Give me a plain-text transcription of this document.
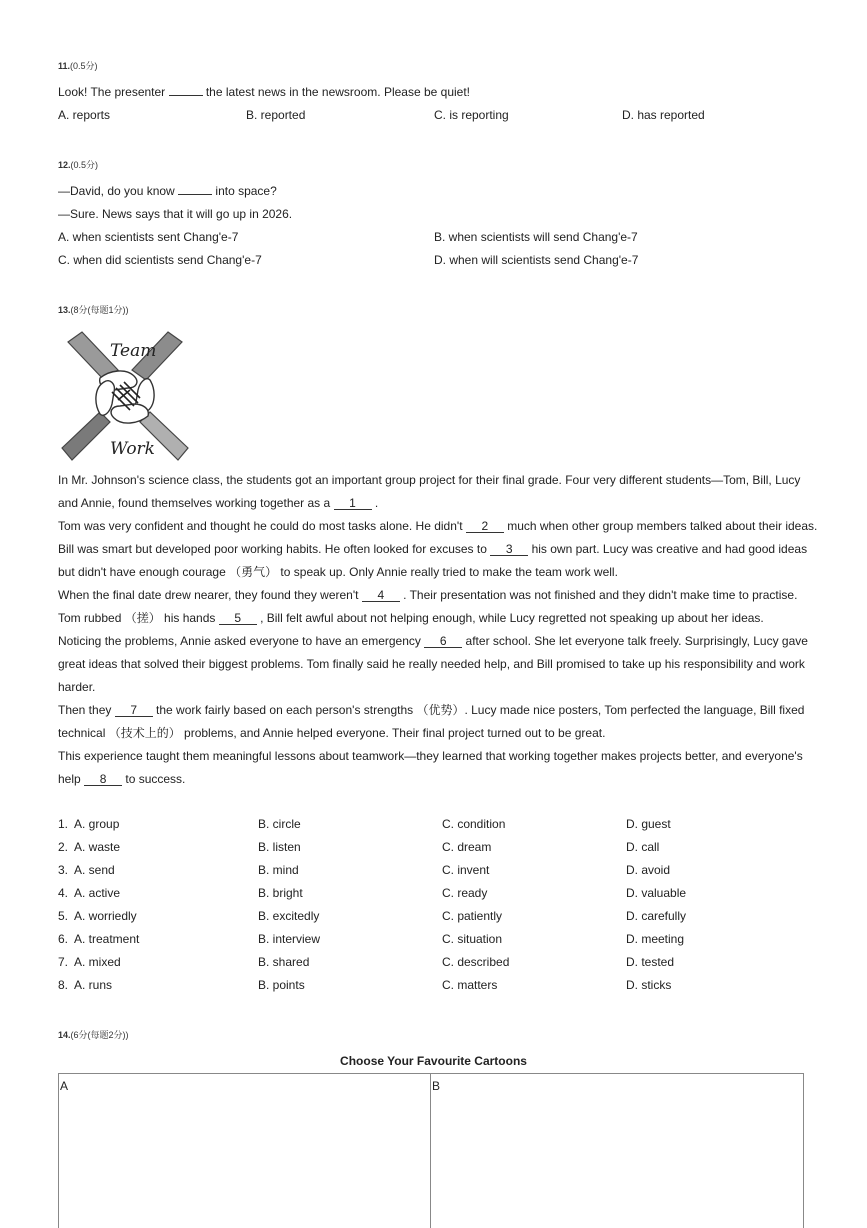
11.(0.5分)
Look! The presenter	the latest news in the newsroom. Please be quiet!
A. reports	B. reported	C. is reporting	D. has reported
12.(0.5分)
—David, do you know	into space?
—Sure. News says that it will go up in 2026.
A. when scientists sent Chang'e-7	B. when scientists will send Chang'e-7
C. when did scientists send Chang'e-7	D. when will scientists send Chang'e-7
13.(8分(每题1分))
Team
Work

In Mr. Johnson's science class, the students got an important group project for their final grade. Four very different students—Tom, Bill, Lucy and Annie, found themselves working together as a 1 .

Tom was very confident and thought he could do most tasks alone. He didn't 2 much when other group members talked about their ideas. Bill was smart but developed poor working habits. He often looked for excuses to 3 his own part. Lucy was creative and had good ideas but didn't have enough courage （勇气） to speak up. Only Annie really tried to make the team work well.

When the final date drew nearer, they found they weren't 4 . Their presentation was not finished and they didn't make time to practise. Tom rubbed （搓） his hands 5 , Bill felt awful about not helping enough, while Lucy regretted not speaking up about her ideas.

Noticing the problems, Annie asked everyone to have an emergency 6 after school. She let everyone talk freely. Surprisingly, Lucy gave great ideas that solved their biggest problems. Tom finally said he really needed help, and Bill promised to take up his responsibility and work harder.

Then they 7 the work fairly based on each person's strengths （优势）. Lucy made nice posters, Tom perfected the language, Bill fixed technical （技术上的） problems, and Annie helped everyone. Their final project turned out to be great.

This experience taught them meaningful lessons about teamwork—they learned that working together makes projects better, and everyone's help 8 to success.

1. A. group	B. circle	C. condition	D. guest
2. A. waste	B. listen	C. dream	D. call
3. A. send	B. mind	C. invent	D. avoid
4. A. active	B. bright	C. ready	D. valuable
5. A. worriedly	B. excitedly	C. patiently	D. carefully
6. A. treatment	B. interview	C. situation	D. meeting
7. A. mixed	B. shared	C. described	D. tested
8. A. runs	B. points	C. matters	D. sticks
14.(6分(每题2分))
Choose Your Favourite Cartoons
A	B
